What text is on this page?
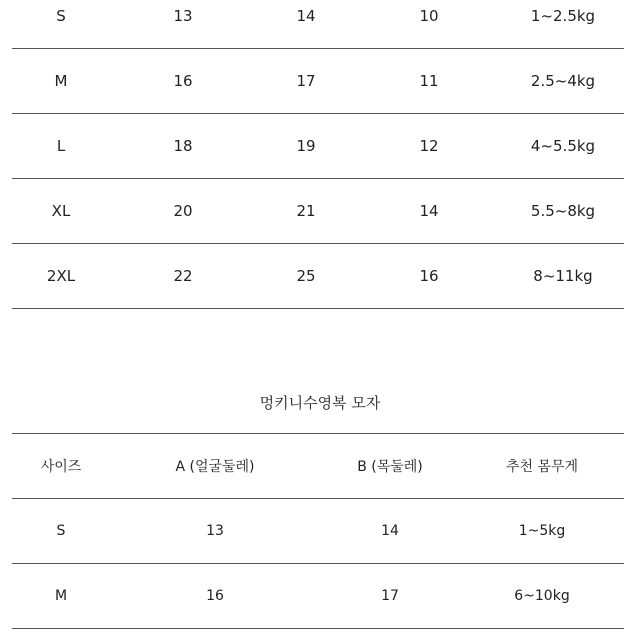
S	13	14	10	1~2.5kg
M	16	17	11	2.5~4kg
L	18	19	12	4~5.5kg
XL	20	21	14	5.5~8kg
2XL	22	25	16	8~11kg
멍키니수영복 모자
사이즈	A (얼굴둘레)	B (목둘레)	추천 몸무게
S	13	14	1~5kg
M	16	17	6~10kg
